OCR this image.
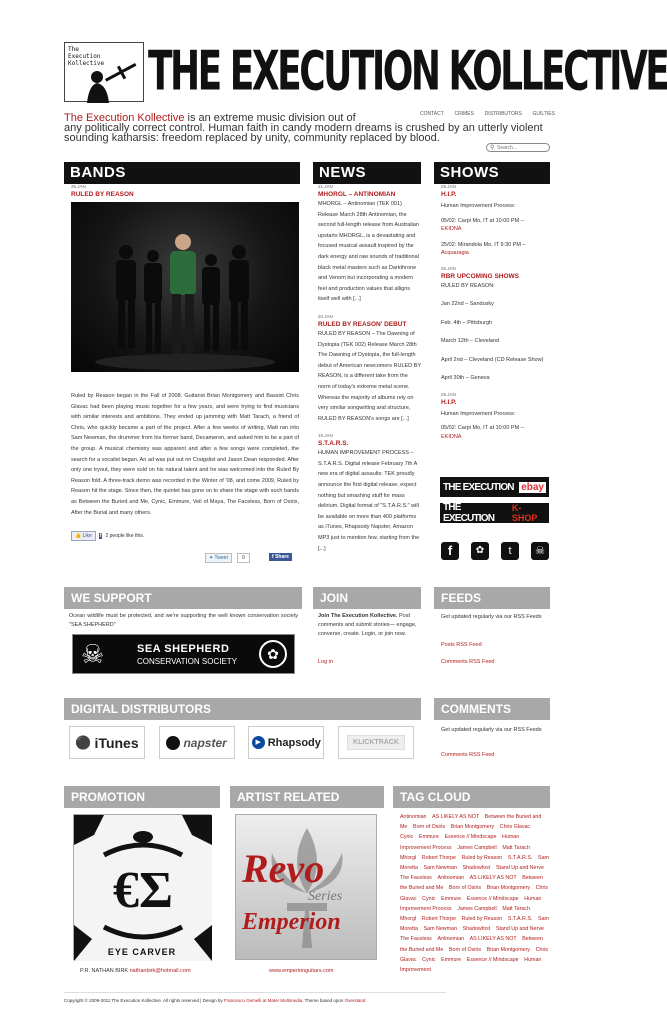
The Execution Kollective THE EXECUTION KOLLECTIVE
CONTACT CRIMES DISTRIBUTORS GUILTIES
The Execution Kollective is an extreme music division out of
any politically correct control. Human faith in candy modern dreams is crushed by an utterly violent sounding katharsis: freedom replaced by unity, community replaced by blood.
⚲
Search...
BANDS
25.JAN
RULED BY REASON
Ruled by Reason began in the Fall of 2008. Guitarist Brian Montgomery and Bassist Chris Glavac had been playing music together for a few years, and were trying to find musicians with similar interests and ambitions. They ended up jamming with Matt Tarach, a friend of Chris, who quickly became a part of the project. After a few weeks of writing, Matt ran into Sam Newman, the drummer from his former band, Decameron, and asked him to be a part of the group. A musical chemistry was apparent and after a few songs were completed, the search for a vocalist began. An ad was put out on Craigslist and Jason Dean responded. After only one tryout, they were sold on his natural talent and he was welcomed into the Ruled By Reason fold. A three-track demo was recorded in the Winter of '08, and come 2009, Ruled by Reason hit the stage. Since then, the quintet has gone on to share the stage with such bands as Between the Buried and Me, Cynic, Emmure, Veil of Maya, The Faceless, Born of Osiris, After the Burial and many others.
👍 Like	f 2 people like this.
✦ Tweet	0	f Share
NEWS
21.JAN
MHORGL – ANTINOMIAN
MHORGL – Antinomian (TEK 001) Release March 28th Antinomian, the second full-length release from Australian upstarts MHORGL, is a devastating and focused musical assault inspired by the dark energy and raw sounds of traditional black metal masters such as Darkthrone and Venom but incorporating a modern feel and production values that alligns itself well with [...]
20.JAN
RULED BY REASON' DEBUT
RULED BY REASON – The Dawning of Dystopia (TEK 002) Release March 28th The Dawning of Dystopia, the full-length debut of American newcomers RULED BY REASON, is a different take from the norm of today's extreme metal scene. Whereas the majority of albums rely on very similar songwriting and structure, RULED BY REASON's songs are [...]
19.JAN
S.T.A.R.S.
HUMAN IMPROVEMENT PROCESS – S.T.A.R.S. Digital release February 7th A new era of digital assaults: TEK proudly announce the first digital release, expect nothing but smashing stuff for mass delirium. Digital format of "S.T.A.R.S." will be available on more than 400 platforms as iTunes, Rhapsody Napster, Amazon MP3 just to mention few, starting from the [...]
SHOWS
25.JAN
H.I.P.
Human Improvement Process:
05/02: Carpi Mo, IT at 10:00 PM –
EKIDNA
25/02: Mirandola Mo, IT 9:30 PM –
Acquaragia
25.JAN
RBR UPCOMING SHOWS
RULED BY REASON:
Jan 22nd – Sandusky
Feb. 4th – Pittsburgh
March 12th – Cleveland
April 2nd – Cleveland (CD Release Show)
April 30th – Geneva
25.JAN
H.I.P.
Human Improvement Process:
05/02: Carpi Mo, IT at 10:00 PM –
EKIDNA
THE EXECUTION ebay
THE EXECUTION
K-SHOP
f	✿	t	☠
WE SUPPORT
Ocean wildlife must be protected, and we're supporting the well known conservation society "SEA SHEPHERD"
☠	SEA SHEPHERD
CONSERVATION SOCIETY	✿
JOIN
Join The Execution Kollective. Post comments and submit stories— engage, converse, create. Login, or join now.
Log in
FEEDS
Get updated regularly via our RSS Feeds
Posts RSS Feed
Comments RSS Feed
DIGITAL DISTRIBUTORS
⚫ iTunes	napster	▶ Rhapsody	KLICKTRACK
COMMENTS
Get updated regularly via our RSS Feeds
Comments RSS Feed
PROMOTION
€Σ
EYE CARVER
P.R. NATHAN BIRK nathanbirk@hotmail.com
ARTIST RELATED
Revo
Series
Emperion
www.emperionguitars.com
TAG CLOUD
Antinomian AS LIKELY AS NOT Between the Buried and Me Born of Osiris Brian Montgomery Chris Glavac Cynic Emmure Essence // Mindscape Human Improvement Process James Campbell Matt Tarach Mhorgl Robert Thorpe Ruled by Reason S.T.A.R.S. Sam Moretta Sam Newman Shadowfost Stand Up and Nerve The Faceless Antinomian AS LIKELY AS NOT Between the Buried and Me Born of Osiris Brian Montgomery Chris Glavac Cynic Emmure Essence // Mindscape Human Improvement Process James Campbell Matt Tarach Mhorgl Robert Thorpe Ruled by Reason S.T.A.R.S. Sam Moretta Sam Newman Shadowfost Stand Up and Nerve The Faceless Antinomian AS LIKELY AS NOT Between the Buried and Me Born of Osiris Brian Montgomery Chris Glavac Cynic Emmure Essence // Mindscape Human Improvement
Copyright © 2009-2011 The Execution Kollective. All rights reserved | Design by Francesco Gemelli at Mater Multimedia. Theme based upon Overstand
